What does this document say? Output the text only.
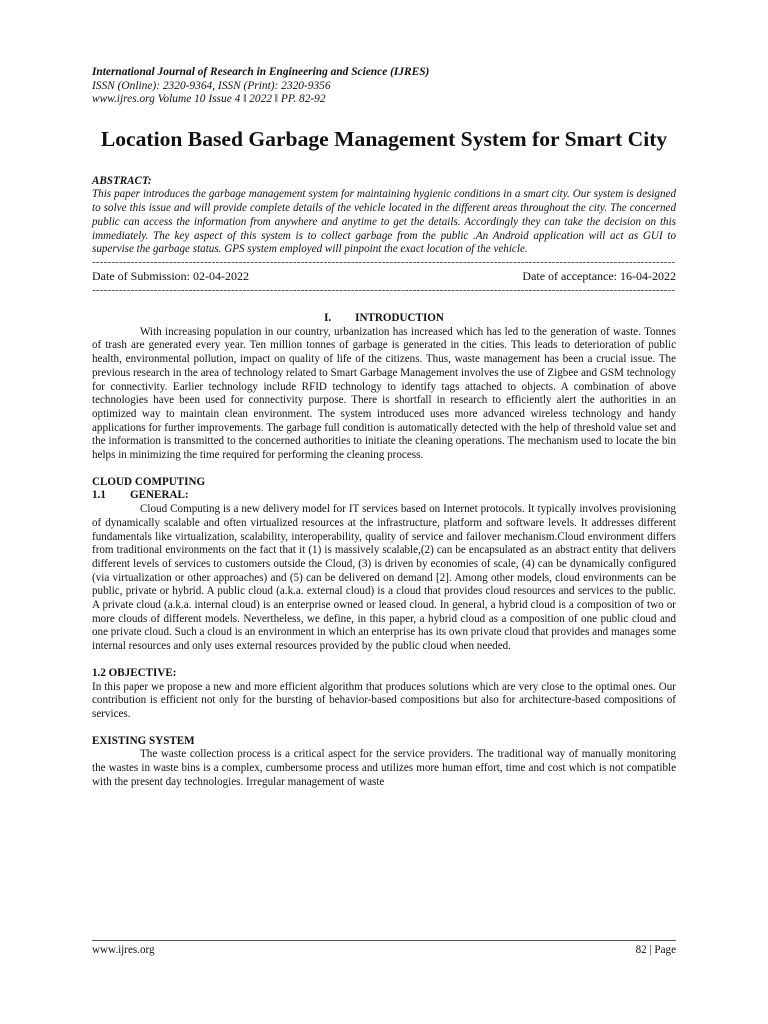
International Journal of Research in Engineering and Science (IJRES)
ISSN (Online): 2320-9364, ISSN (Print): 2320-9356
www.ijres.org Volume 10 Issue 4 ǁ 2022 ǁ PP. 82-92
Location Based Garbage Management System for Smart City
ABSTRACT:
This paper introduces the garbage management system for maintaining hygienic conditions in a smart city. Our system is designed to solve this issue and will provide complete details of the vehicle located in the different areas throughout the city. The concerned public can access the information from anywhere and anytime to get the details. Accordingly they can take the decision on this immediately. The key aspect of this system is to collect garbage from the public .An Android application will act as GUI to supervise the garbage status. GPS system employed will pinpoint the exact location of the vehicle.
-------------------------------------------------------------------------------------------------------------------------------------------------------
Date of Submission: 02-04-2022	Date of acceptance: 16-04-2022
-------------------------------------------------------------------------------------------------------------------------------------------------------
I. INTRODUCTION

With increasing population in our country, urbanization has increased which has led to the generation of waste. Tonnes of trash are generated every year. Ten million tonnes of garbage is generated in the cities. This leads to deterioration of public health, environmental pollution, impact on quality of life of the citizens. Thus, waste management has been a crucial issue. The previous research in the area of technology related to Smart Garbage Management involves the use of Zigbee and GSM technology for connectivity. Earlier technology include RFID technology to identify tags attached to objects. A combination of above technologies have been used for connectivity purpose. There is shortfall in research to efficiently alert the authorities in an optimized way to maintain clean environment. The system introduced uses more advanced wireless technology and handy applications for further improvements. The garbage full condition is automatically detected with the help of threshold value set and the information is transmitted to the concerned authorities to initiate the cleaning operations. The mechanism used to locate the bin helps in minimizing the time required for performing the cleaning process.

CLOUD COMPUTING
1.1 GENERAL:

Cloud Computing is a new delivery model for IT services based on Internet protocols. It typically involves provisioning of dynamically scalable and often virtualized resources at the infrastructure, platform and software levels. It addresses different fundamentals like virtualization, scalability, interoperability, quality of service and failover mechanism.Cloud environment differs from traditional environments on the fact that it (1) is massively scalable,(2) can be encapsulated as an abstract entity that delivers different levels of services to customers outside the Cloud, (3) is driven by economies of scale, (4) can be dynamically configured (via virtualization or other approaches) and (5) can be delivered on demand [2]. Among other models, cloud environments can be public, private or hybrid. A public cloud (a.k.a. external cloud) is a cloud that provides cloud resources and services to the public. A private cloud (a.k.a. internal cloud) is an enterprise owned or leased cloud. In general, a hybrid cloud is a composition of two or more clouds of different models. Nevertheless, we define, in this paper, a hybrid cloud as a composition of one public cloud and one private cloud. Such a cloud is an environment in which an enterprise has its own private cloud that provides and manages some internal resources and only uses external resources provided by the public cloud when needed.

1.2 OBJECTIVE:

In this paper we propose a new and more efficient algorithm that produces solutions which are very close to the optimal ones. Our contribution is efficient not only for the bursting of behavior-based compositions but also for architecture-based compositions of services.

EXISTING SYSTEM

The waste collection process is a critical aspect for the service providers. The traditional way of manually monitoring the wastes in waste bins is a complex, cumbersome process and utilizes more human effort, time and cost which is not compatible with the present day technologies. Irregular management of waste

www.ijres.org	82 | Page
